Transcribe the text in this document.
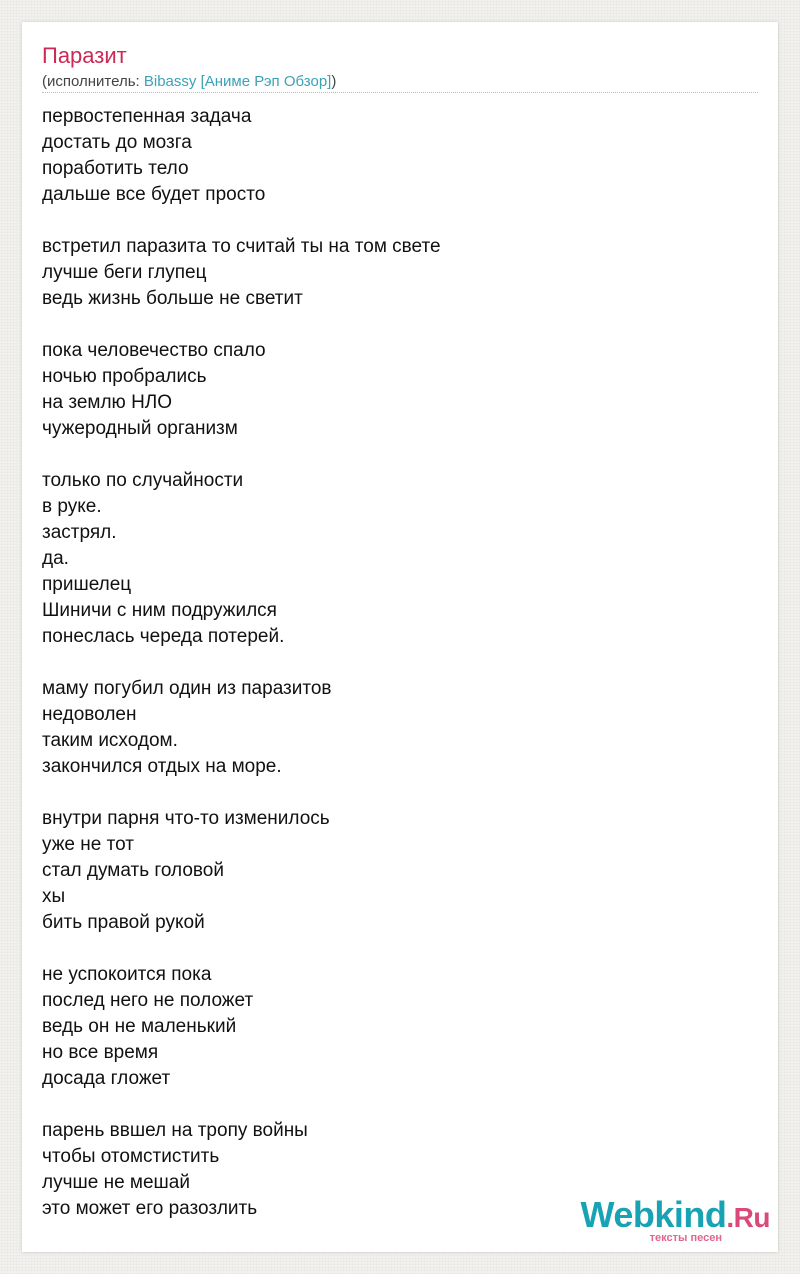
Паразит
(исполнитель: Bibassy [Аниме Рэп Обзор])
первостепенная задача
достать до мозга
поработить тело
дальше все будет просто
встретил паразита то считай ты на том свете
лучше беги глупец
ведь жизнь больше не светит
пока человечество спало
ночью пробрались
на землю НЛО
чужеродный организм
только по случайности
в руке.
застрял.
да.
пришелец
Шиничи с ним подружился
понеслась череда потерей.
маму погубил один из паразитов
недоволен
таким исходом.
закончился отдых на море.
внутри парня что-то изменилось
уже не тот
стал думать головой
хы
бить правой рукой
не успокоится пока
послед него не положет
ведь он не маленький
но все время
досада гложет
парень ввшел на тропу войны
чтобы отомстистить
лучше не мешай
это может его разозлить	Webkind.Ru
тексты песен
